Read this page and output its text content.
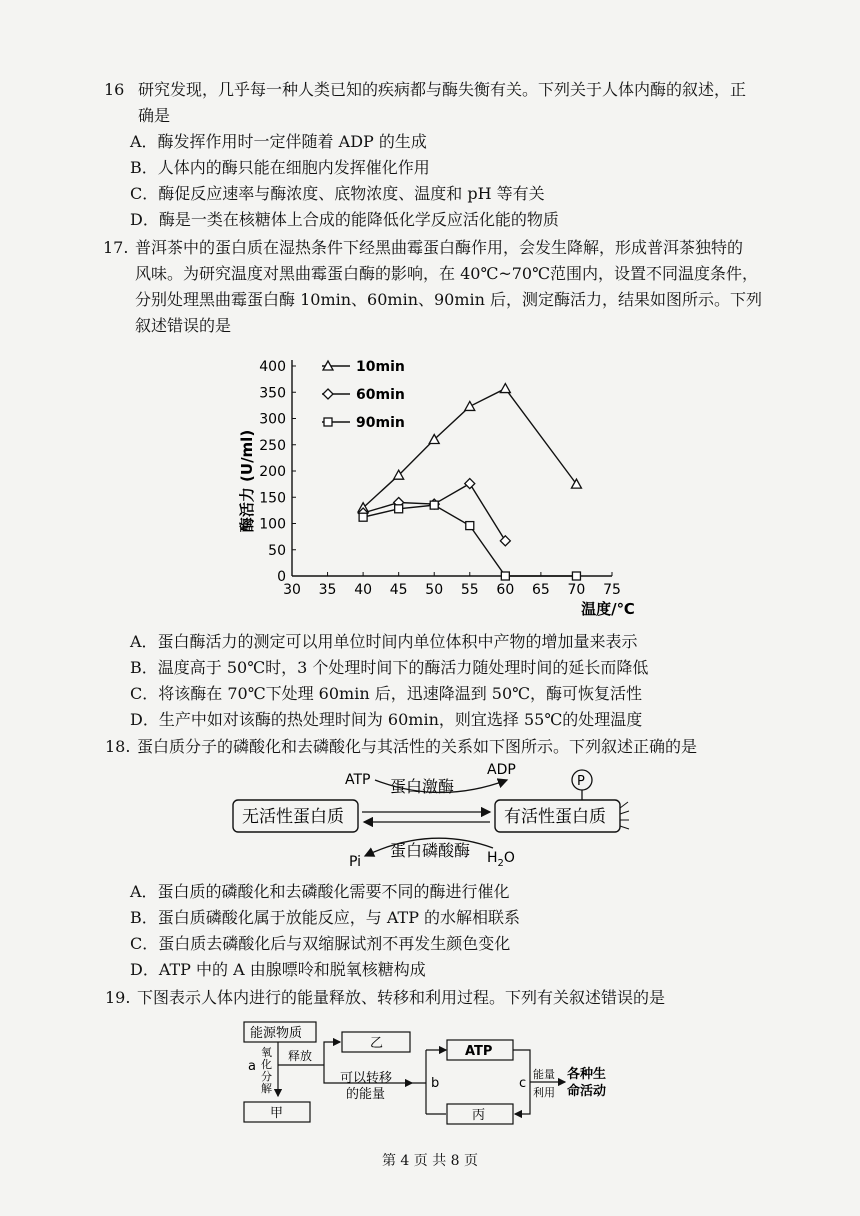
16 研究发现，几乎每一种人类已知的疾病都与酶失衡有关。下列关于人体内酶的叙述，正
确是
A．酶发挥作用时一定伴随着 ADP 的生成
B．人体内的酶只能在细胞内发挥催化作用
C．酶促反应速率与酶浓度、底物浓度、温度和 pH 等有关
D．酶是一类在核糖体上合成的能降低化学反应活化能的物质
17. 普洱茶中的蛋白质在湿热条件下经黑曲霉蛋白酶作用，会发生降解，形成普洱茶独特的
风味。为研究温度对黑曲霉蛋白酶的影响，在 40℃~70℃范围内，设置不同温度条件，
分别处理黑曲霉蛋白酶 10min、60min、90min 后，测定酶活力，结果如图所示。下列
叙述错误的是
0
50
100
150
200
250
300
350
400
30 35 40 45 50 55 60 65 70 75
酶活力 (U/ml)
温度/℃
10min
60min
90min
A．蛋白酶活力的测定可以用单位时间内单位体积中产物的增加量来表示
B．温度高于 50℃时，3 个处理时间下的酶活力随处理时间的延长而降低
C．将该酶在 70℃下处理 60min 后，迅速降温到 50℃，酶可恢复活性
D．生产中如对该酶的热处理时间为 60min，则宜选择 55℃的处理温度
18. 蛋白质分子的磷酸化和去磷酸化与其活性的关系如下图所示。下列叙述正确的是
ATP
ADP
P
蛋白激酶
无活性蛋白质	有活性蛋白质
蛋白磷酸酶
Pi	$H_2O$
A．蛋白质的磷酸化和去磷酸化需要不同的酶进行催化
B．蛋白质磷酸化属于放能反应，与 ATP 的水解相联系
C．蛋白质去磷酸化后与双缩脲试剂不再发生颜色变化
D．ATP 中的 A 由腺嘌呤和脱氧核糖构成
19. 下图表示人体内进行的能量释放、转移和利用过程。下列有关叙述错误的是
能源物质
a
氧
化
分
解
释放
乙
甲
可以转移
的能量
b
ATP
丙
c
能量
利用
各种生
命活动
第 4 页 共 8 页
